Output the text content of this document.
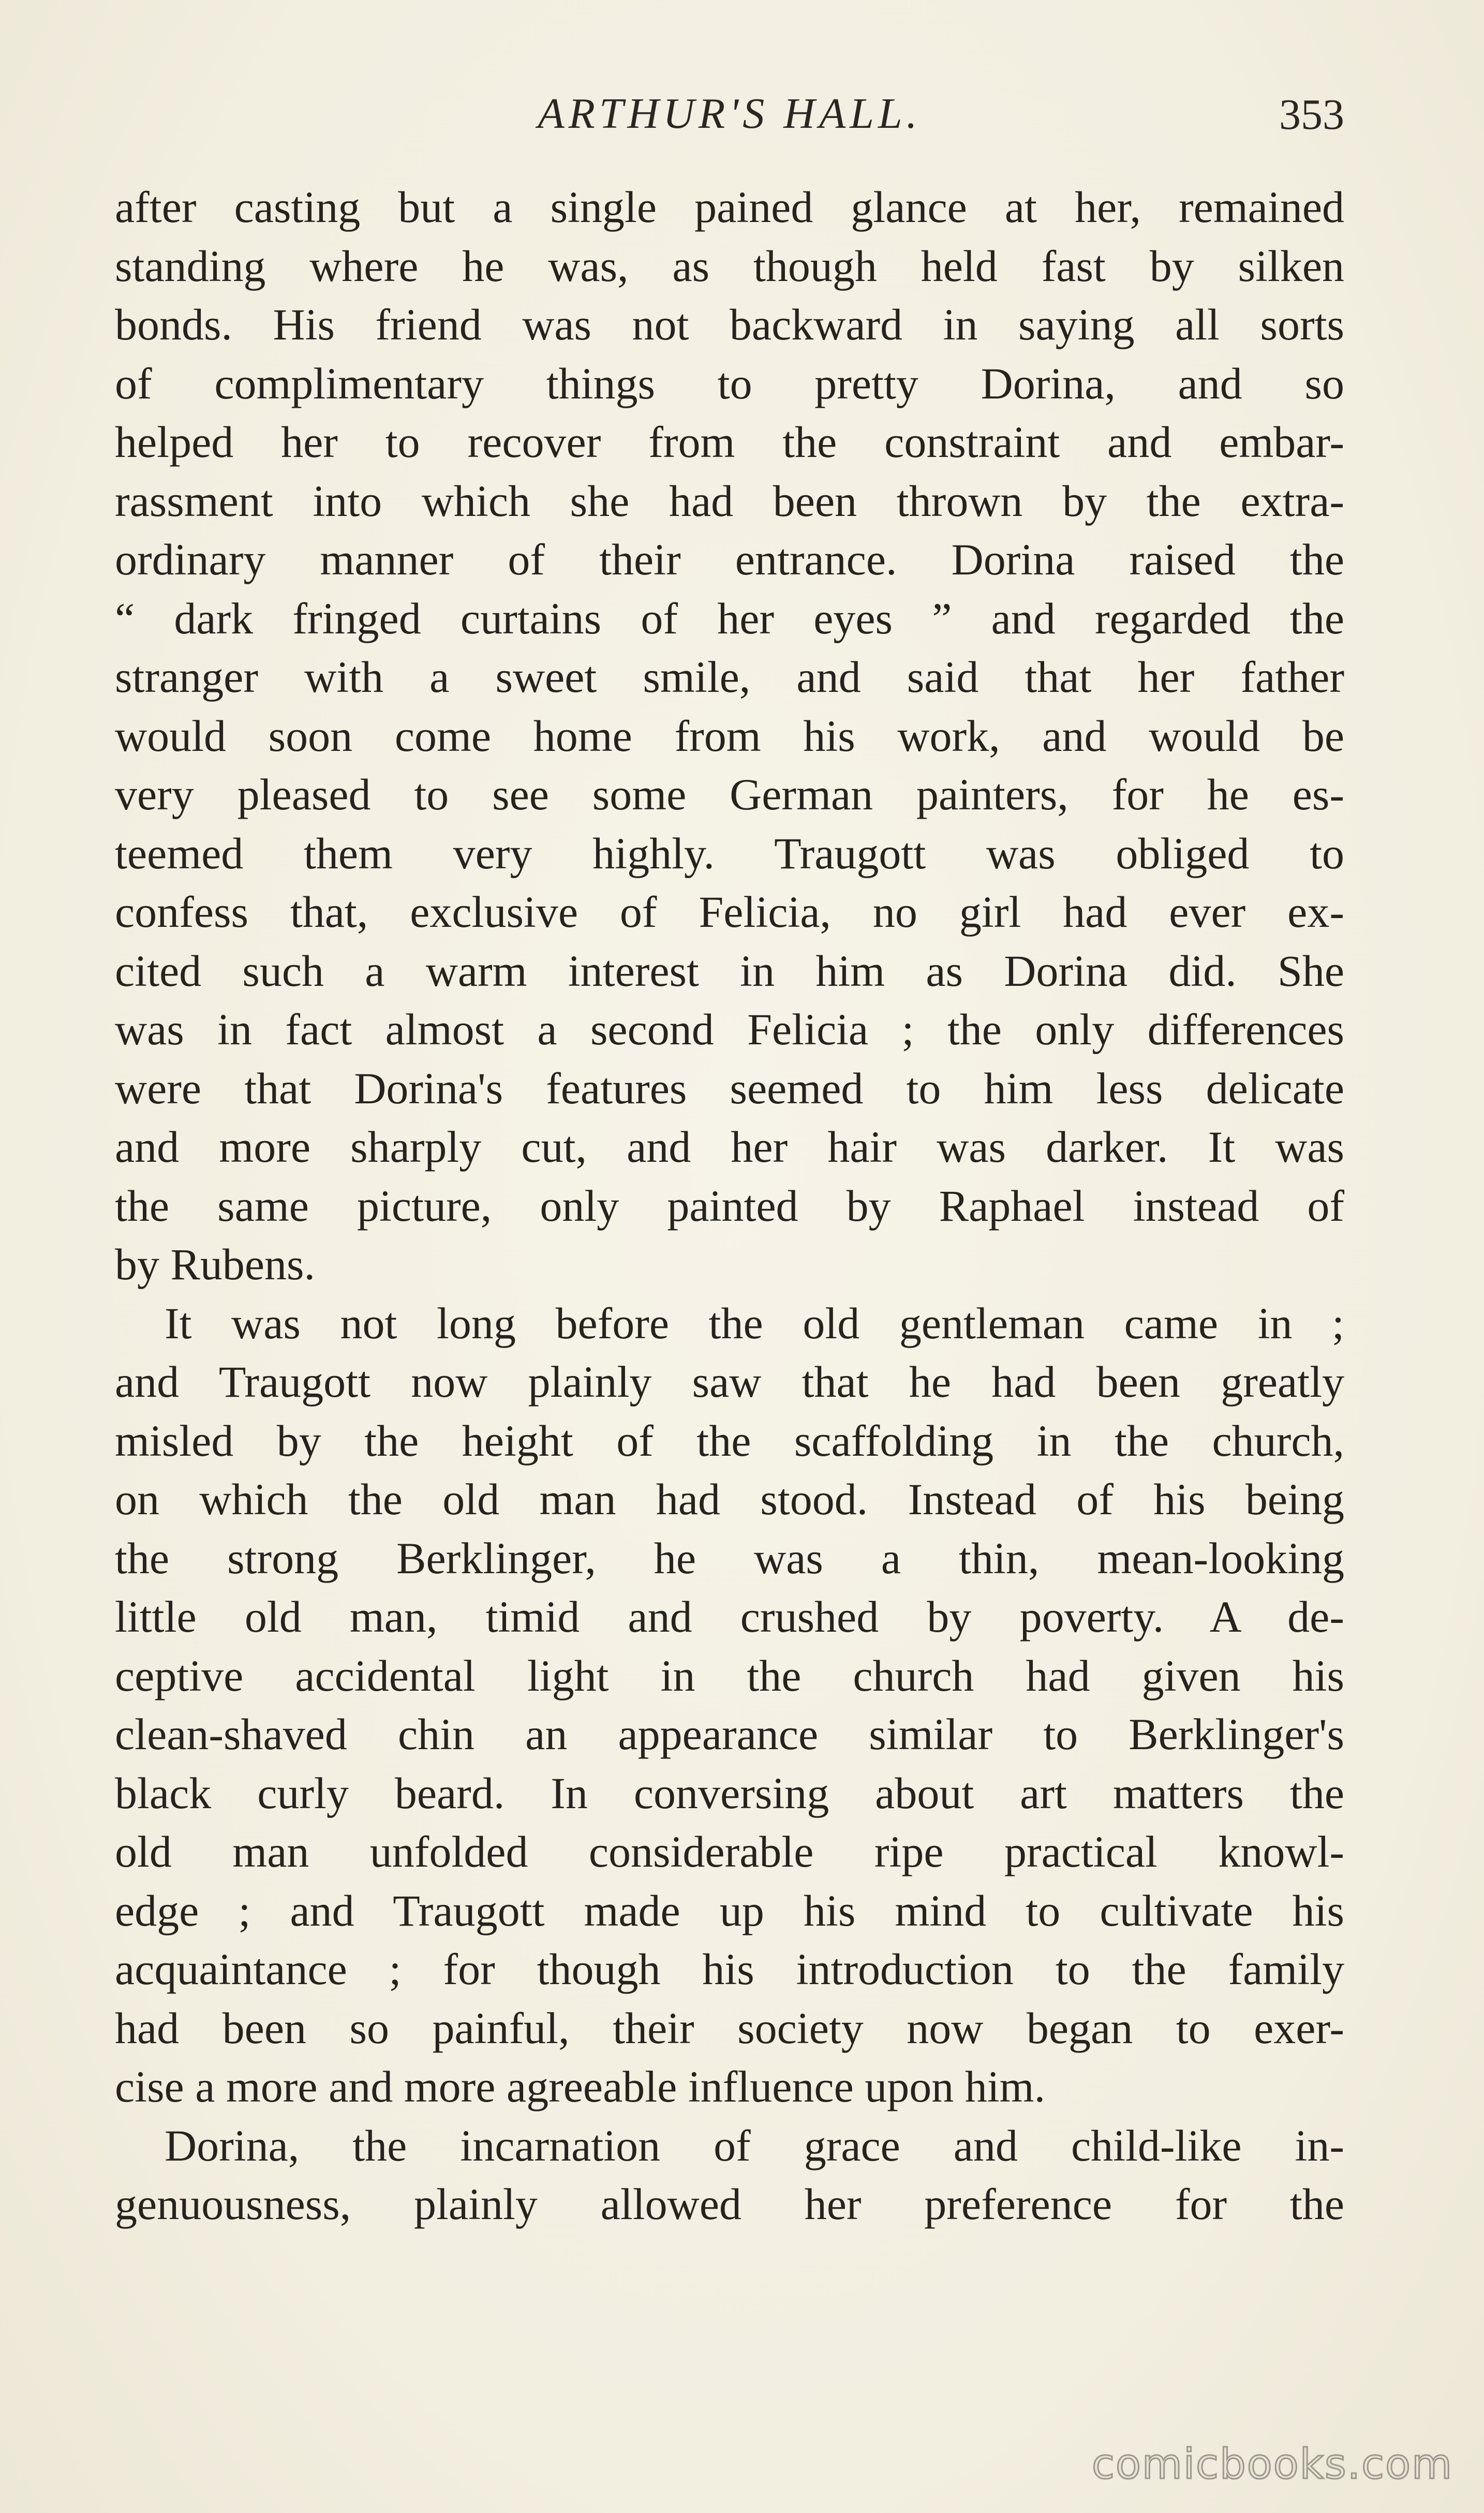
ARTHUR'S HALL.	353
after casting but a single pained glance at her, remained
standing where he was, as though held fast by silken
bonds. His friend was not backward in saying all sorts
of complimentary things to pretty Dorina, and so
helped her to recover from the constraint and embar-
rassment into which she had been thrown by the extra-
ordinary manner of their entrance. Dorina raised the
“ dark fringed curtains of her eyes ” and regarded the
stranger with a sweet smile, and said that her father
would soon come home from his work, and would be
very pleased to see some German painters, for he es-
teemed them very highly. Traugott was obliged to
confess that, exclusive of Felicia, no girl had ever ex-
cited such a warm interest in him as Dorina did. She
was in fact almost a second Felicia ; the only differences
were that Dorina's features seemed to him less delicate
and more sharply cut, and her hair was darker. It was
the same picture, only painted by Raphael instead of
by Rubens.
It was not long before the old gentleman came in ;
and Traugott now plainly saw that he had been greatly
misled by the height of the scaffolding in the church,
on which the old man had stood. Instead of his being
the strong Berklinger, he was a thin, mean-looking
little old man, timid and crushed by poverty. A de-
ceptive accidental light in the church had given his
clean-shaved chin an appearance similar to Berklinger's
black curly beard. In conversing about art matters the
old man unfolded considerable ripe practical knowl-
edge ; and Traugott made up his mind to cultivate his
acquaintance ; for though his introduction to the family
had been so painful, their society now began to exer-
cise a more and more agreeable influence upon him.
Dorina, the incarnation of grace and child-like in-
genuousness, plainly allowed her preference for the
comicbooks.com
